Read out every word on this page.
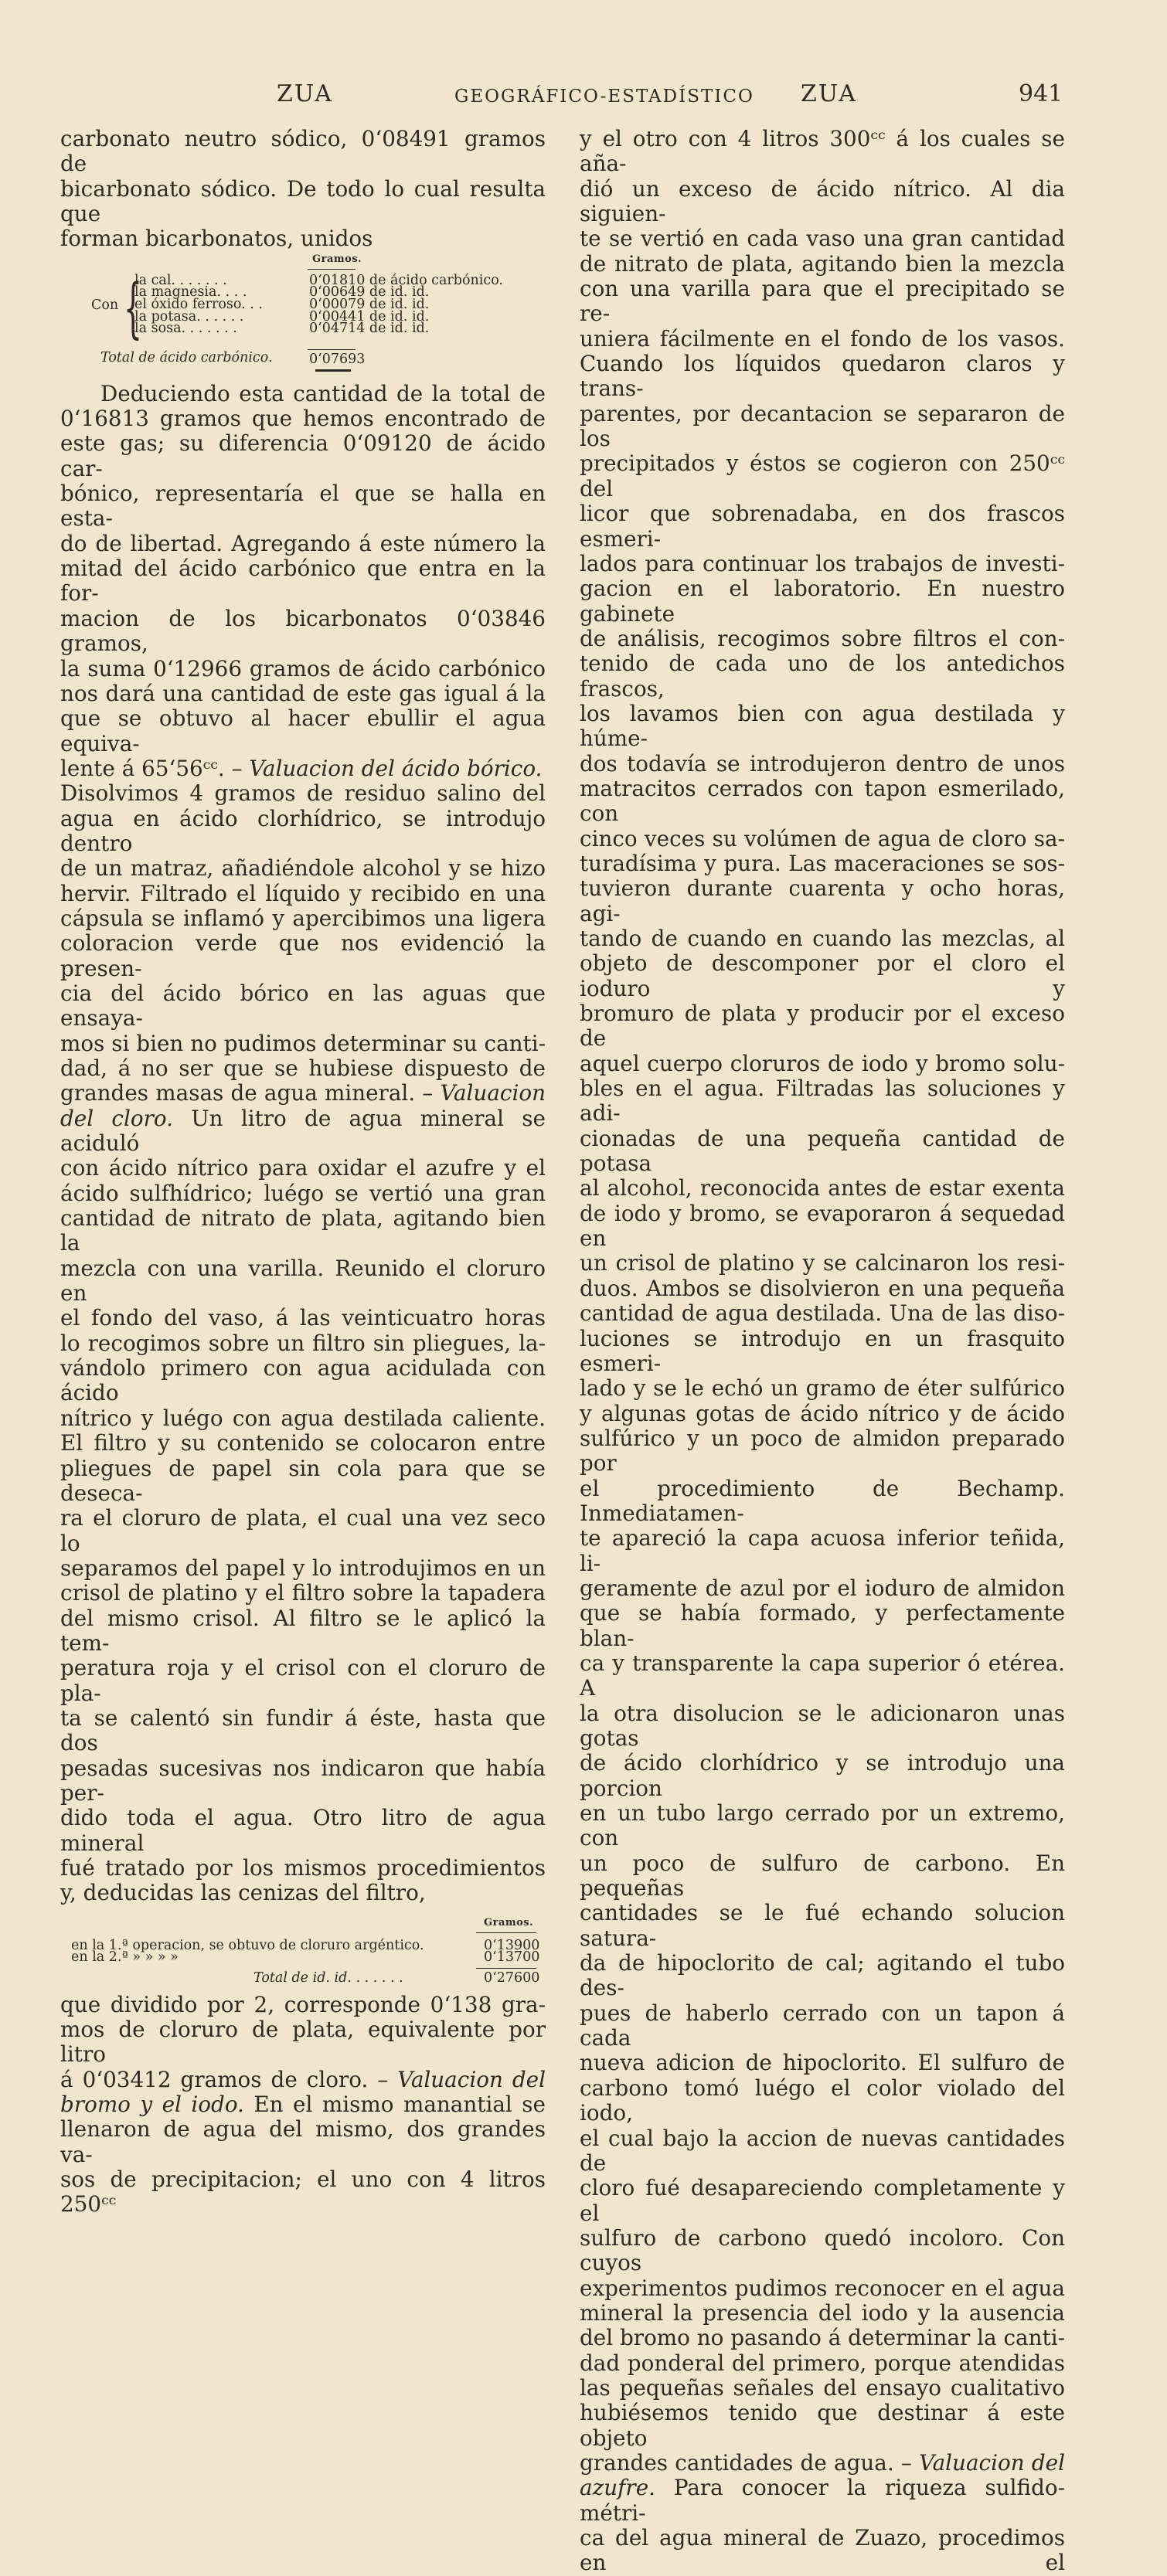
ZUA	GEOGRÁFICO-ESTADÍSTICO ZUA	941

carbonato neutro sódico, 0‘08491 gramos de

bicarbonato sódico. De todo lo cual resulta que

forman bicarbonatos, unidos

Gramos.
Con {
la cal. . . . . . .	0‘01810 de ácido carbónico.
la magnesia. . . .	0‘00649 de id. id.
el óxido ferroso. . .	0‘00079 de id. id.
la potasa. . . . . .	0‘00441 de id. id.
la sosa. . . . . . .	0‘04714 de id. id.
Total de ácido carbónico.	0‘07693

Deduciendo esta cantidad de la total de

0‘16813 gramos que hemos encontrado de

este gas; su diferencia 0‘09120 de ácido car-

bónico, representaría el que se halla en esta-

do de libertad. Agregando á este número la

mitad del ácido carbónico que entra en la for-

macion de los bicarbonatos 0‘03846 gramos,

la suma 0‘12966 gramos de ácido carbónico

nos dará una cantidad de este gas igual á la

que se obtuvo al hacer ebullir el agua equiva-

lente á 65‘56ᶜᶜ. – Valuacion del ácido bórico.

Disolvimos 4 gramos de residuo salino del

agua en ácido clorhídrico, se introdujo dentro

de un matraz, añadiéndole alcohol y se hizo

hervir. Filtrado el líquido y recibido en una

cápsula se inflamó y apercibimos una ligera

coloracion verde que nos evidenció la presen-

cia del ácido bórico en las aguas que ensaya-

mos si bien no pudimos determinar su canti-

dad, á no ser que se hubiese dispuesto de

grandes masas de agua mineral. – Valuacion

del cloro. Un litro de agua mineral se aciduló

con ácido nítrico para oxidar el azufre y el

ácido sulfhídrico; luégo se vertió una gran

cantidad de nitrato de plata, agitando bien la

mezcla con una varilla. Reunido el cloruro en

el fondo del vaso, á las veinticuatro horas

lo recogimos sobre un filtro sin pliegues, la-

vándolo primero con agua acidulada con ácido

nítrico y luégo con agua destilada caliente.

El filtro y su contenido se colocaron entre

pliegues de papel sin cola para que se deseca-

ra el cloruro de plata, el cual una vez seco lo

separamos del papel y lo introdujimos en un

crisol de platino y el filtro sobre la tapadera

del mismo crisol. Al filtro se le aplicó la tem-

peratura roja y el crisol con el cloruro de pla-

ta se calentó sin fundir á éste, hasta que dos

pesadas sucesivas nos indicaron que había per-

dido toda el agua. Otro litro de agua mineral

fué tratado por los mismos procedimientos

y, deducidas las cenizas del filtro,

Gramos.
en la 1.ª operacion, se obtuvo de cloruro argéntico.	0‘13900
en la 2.ª » » » »	0‘13700
Total de id. id. . . . . . .	0‘27600

que dividido por 2, corresponde 0‘138 gra-

mos de cloruro de plata, equivalente por litro

á 0‘03412 gramos de cloro. – Valuacion del

bromo y el iodo. En el mismo manantial se

llenaron de agua del mismo, dos grandes va-

sos de precipitacion; el uno con 4 litros 250ᶜᶜ

y el otro con 4 litros 300ᶜᶜ á los cuales se aña-

dió un exceso de ácido nítrico. Al dia siguien-

te se vertió en cada vaso una gran cantidad

de nitrato de plata, agitando bien la mezcla

con una varilla para que el precipitado se re-

uniera fácilmente en el fondo de los vasos.

Cuando los líquidos quedaron claros y trans-

parentes, por decantacion se separaron de los

precipitados y éstos se cogieron con 250ᶜᶜ del

licor que sobrenadaba, en dos frascos esmeri-

lados para continuar los trabajos de investi-

gacion en el laboratorio. En nuestro gabinete

de análisis, recogimos sobre filtros el con-

tenido de cada uno de los antedichos frascos,

los lavamos bien con agua destilada y húme-

dos todavía se introdujeron dentro de unos

matracitos cerrados con tapon esmerilado, con

cinco veces su volúmen de agua de cloro sa-

turadísima y pura. Las maceraciones se sos-

tuvieron durante cuarenta y ocho horas, agi-

tando de cuando en cuando las mezclas, al

objeto de descomponer por el cloro el ioduro y

bromuro de plata y producir por el exceso de

aquel cuerpo cloruros de iodo y bromo solu-

bles en el agua. Filtradas las soluciones y adi-

cionadas de una pequeña cantidad de potasa

al alcohol, reconocida antes de estar exenta

de iodo y bromo, se evaporaron á sequedad en

un crisol de platino y se calcinaron los resi-

duos. Ambos se disolvieron en una pequeña

cantidad de agua destilada. Una de las diso-

luciones se introdujo en un frasquito esmeri-

lado y se le echó un gramo de éter sulfúrico

y algunas gotas de ácido nítrico y de ácido

sulfúrico y un poco de almidon preparado por

el procedimiento de Bechamp. Inmediatamen-

te apareció la capa acuosa inferior teñida, li-

geramente de azul por el ioduro de almidon

que se había formado, y perfectamente blan-

ca y transparente la capa superior ó etérea. A

la otra disolucion se le adicionaron unas gotas

de ácido clorhídrico y se introdujo una porcion

en un tubo largo cerrado por un extremo, con

un poco de sulfuro de carbono. En pequeñas

cantidades se le fué echando solucion satura-

da de hipoclorito de cal; agitando el tubo des-

pues de haberlo cerrado con un tapon á cada

nueva adicion de hipoclorito. El sulfuro de

carbono tomó luégo el color violado del iodo,

el cual bajo la accion de nuevas cantidades de

cloro fué desapareciendo completamente y el

sulfuro de carbono quedó incoloro. Con cuyos

experimentos pudimos reconocer en el agua

mineral la presencia del iodo y la ausencia

del bromo no pasando á determinar la canti-

dad ponderal del primero, porque atendidas

las pequeñas señales del ensayo cualitativo

hubiésemos tenido que destinar á este objeto

grandes cantidades de agua. – Valuacion del

azufre. Para conocer la riqueza sulfido-métri-

ca del agua mineral de Zuazo, procedimos en el
